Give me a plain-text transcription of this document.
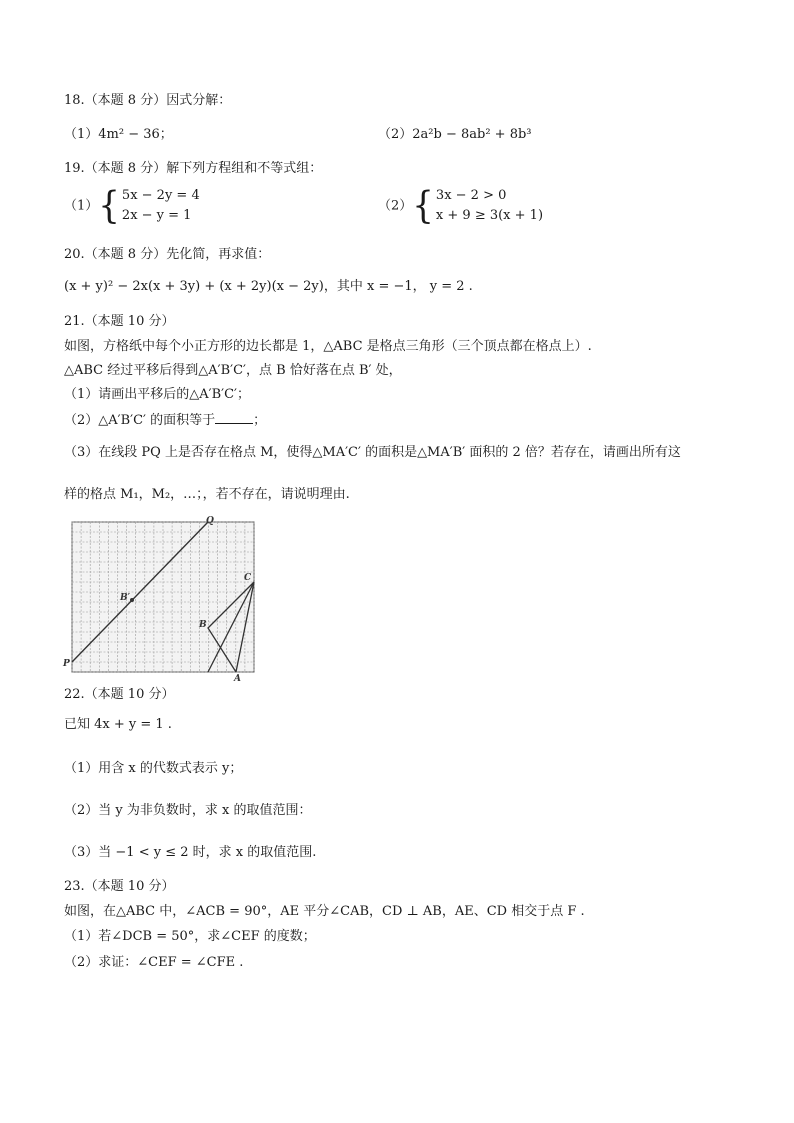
18.（本题 8 分）因式分解：
（1）4m² − 36；	（2）2a²b − 8ab² + 8b³
19.（本题 8 分）解下列方程组和不等式组：
（1）{ 5x − 2y = 4
2x − y = 1
（2）{ 3x − 2 > 0
x + 9 ≥ 3(x + 1)
20.（本题 8 分）先化简，再求值：
(x + y)² − 2x(x + 3y) + (x + 2y)(x − 2y)，其中 x = −1， y = 2 .
21.（本题 10 分）
如图，方格纸中每个小正方形的边长都是 1，△ABC 是格点三角形（三个顶点都在格点上）.
△ABC 经过平移后得到△A′B′C′，点 B 恰好落在点 B′ 处，
（1）请画出平移后的△A′B′C′；
（2）△A′B′C′ 的面积等于	；
（3）在线段 PQ 上是否存在格点 M，使得△MA′C′ 的面积是△MA′B′ 面积的 2 倍？若存在，请画出所有这
样的格点 M₁，M₂，…；，若不存在，请说明理由.
P
Q
B′
B
C
A
22.（本题 10 分）
已知 4x + y = 1 .
（1）用含 x 的代数式表示 y；
（2）当 y 为非负数时，求 x 的取值范围：
（3）当 −1 < y ≤ 2 时，求 x 的取值范围.
23.（本题 10 分）
如图，在△ABC 中，∠ACB = 90°，AE 平分∠CAB，CD ⊥ AB，AE、CD 相交于点 F .
（1）若∠DCB = 50°，求∠CEF 的度数；
（2）求证：∠CEF = ∠CFE .
